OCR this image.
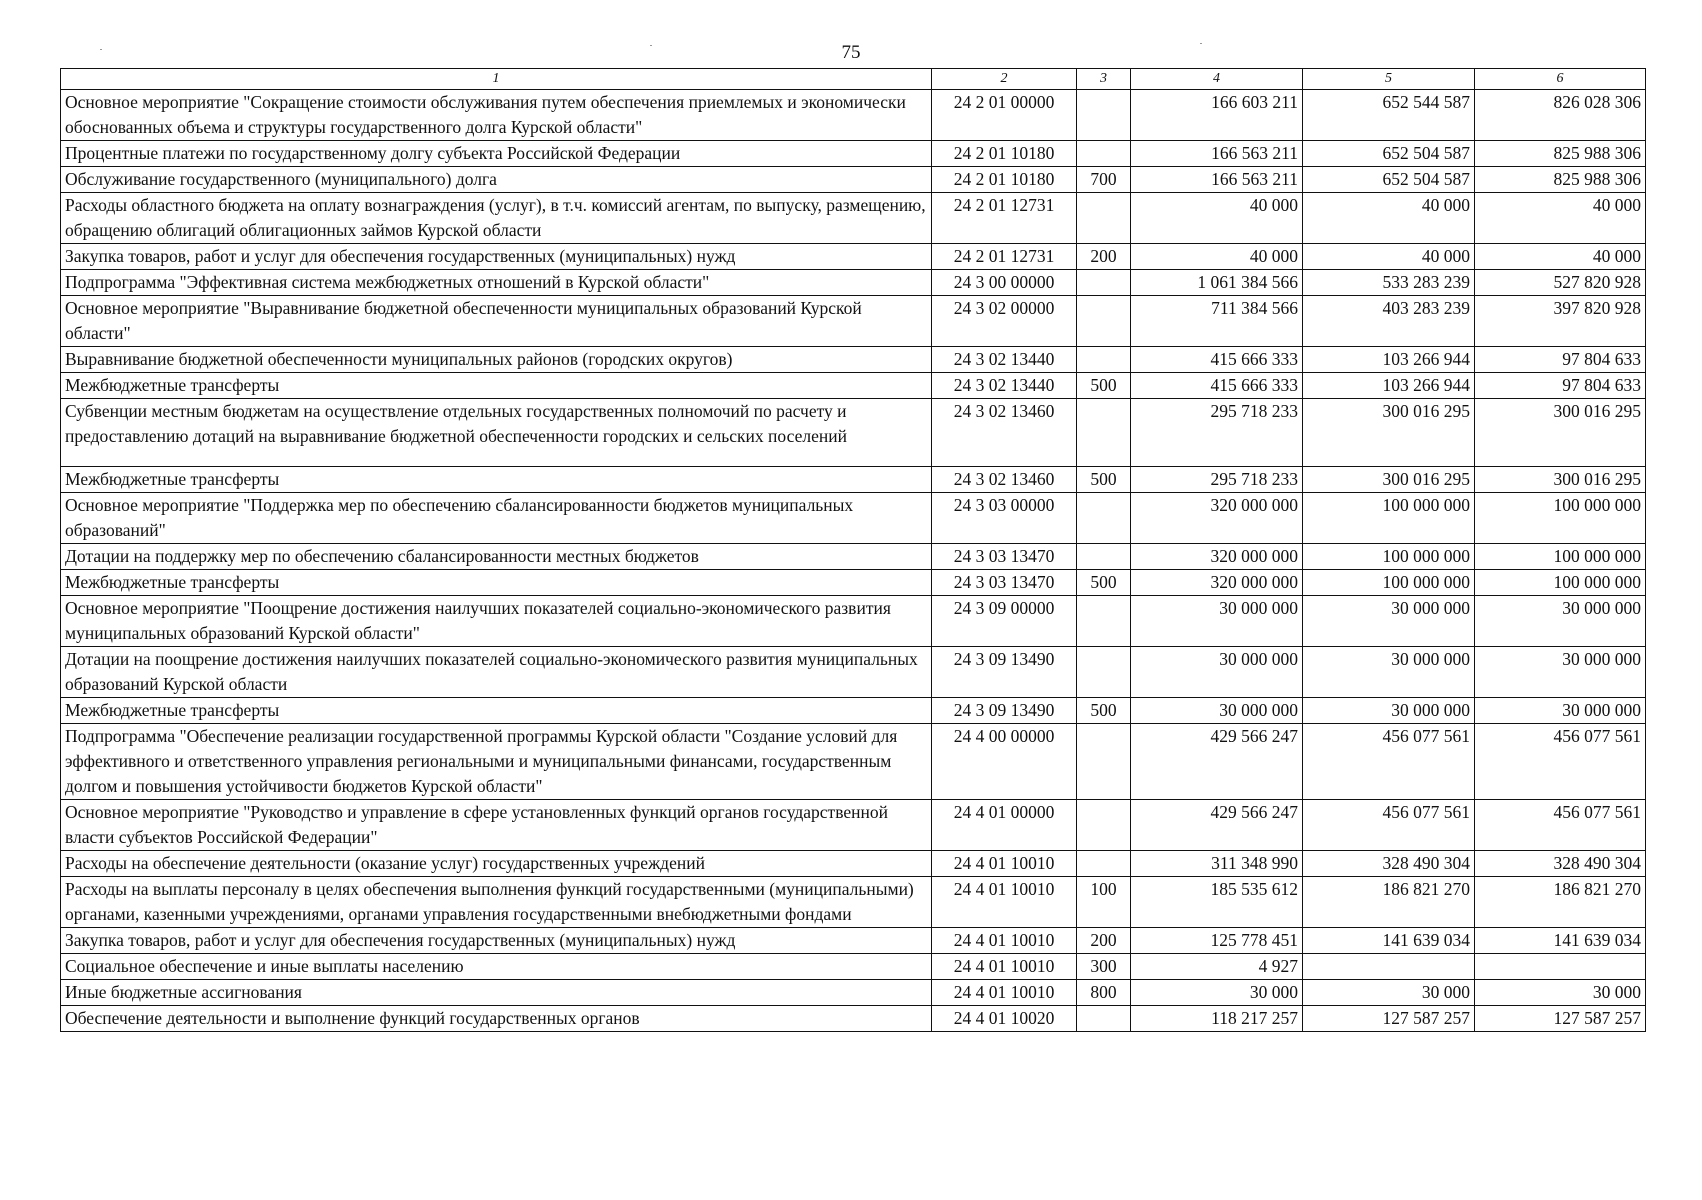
75
1	2	3	4	5	6
Основное мероприятие "Сокращение стоимости обслуживания путем обеспечения приемлемых и экономически обоснованных объема и структуры государственного долга Курской области"	24 2 01 00000		166 603 211	652 544 587	826 028 306
Процентные платежи по государственному долгу субъекта Российской Федерации	24 2 01 10180		166 563 211	652 504 587	825 988 306
Обслуживание государственного (муниципального) долга	24 2 01 10180	700	166 563 211	652 504 587	825 988 306
Расходы областного бюджета на оплату вознаграждения (услуг), в т.ч. комиссий агентам, по выпуску, размещению, обращению облигаций облигационных займов Курской области	24 2 01 12731		40 000	40 000	40 000
Закупка товаров, работ и услуг для обеспечения государственных (муниципальных) нужд	24 2 01 12731	200	40 000	40 000	40 000
Подпрограмма "Эффективная система межбюджетных отношений в Курской области"	24 3 00 00000		1 061 384 566	533 283 239	527 820 928
Основное мероприятие "Выравнивание бюджетной обеспеченности муниципальных образований Курской области"	24 3 02 00000		711 384 566	403 283 239	397 820 928
Выравнивание бюджетной обеспеченности муниципальных районов (городских округов)	24 3 02 13440		415 666 333	103 266 944	97 804 633
Межбюджетные трансферты	24 3 02 13440	500	415 666 333	103 266 944	97 804 633
Субвенции местным бюджетам на осуществление отдельных государственных полномочий по расчету и предоставлению дотаций на выравнивание бюджетной обеспеченности городских и сельских поселений	24 3 02 13460		295 718 233	300 016 295	300 016 295
Межбюджетные трансферты	24 3 02 13460	500	295 718 233	300 016 295	300 016 295
Основное мероприятие "Поддержка мер по обеспечению сбалансированности бюджетов муниципальных образований"	24 3 03 00000		320 000 000	100 000 000	100 000 000
Дотации на поддержку мер по обеспечению сбалансированности местных бюджетов	24 3 03 13470		320 000 000	100 000 000	100 000 000
Межбюджетные трансферты	24 3 03 13470	500	320 000 000	100 000 000	100 000 000
Основное мероприятие "Поощрение достижения наилучших показателей социально-экономического развития муниципальных образований Курской области"	24 3 09 00000		30 000 000	30 000 000	30 000 000
Дотации на поощрение достижения наилучших показателей социально-экономического развития муниципальных образований Курской области	24 3 09 13490		30 000 000	30 000 000	30 000 000
Межбюджетные трансферты	24 3 09 13490	500	30 000 000	30 000 000	30 000 000
Подпрограмма "Обеспечение реализации государственной программы Курской области "Создание условий для эффективного и ответственного управления региональными и муниципальными финансами, государственным долгом и повышения устойчивости бюджетов Курской области"	24 4 00 00000		429 566 247	456 077 561	456 077 561
Основное мероприятие "Руководство и управление в сфере установленных функций органов государственной власти субъектов Российской Федерации"	24 4 01 00000		429 566 247	456 077 561	456 077 561
Расходы на обеспечение деятельности (оказание услуг) государственных учреждений	24 4 01 10010		311 348 990	328 490 304	328 490 304
Расходы на выплаты персоналу в целях обеспечения выполнения функций государственными (муниципальными) органами, казенными учреждениями, органами управления государственными внебюджетными фондами	24 4 01 10010	100	185 535 612	186 821 270	186 821 270
Закупка товаров, работ и услуг для обеспечения государственных (муниципальных) нужд	24 4 01 10010	200	125 778 451	141 639 034	141 639 034
Социальное обеспечение и иные выплаты населению	24 4 01 10010	300	4 927		
Иные бюджетные ассигнования	24 4 01 10010	800	30 000	30 000	30 000
Обеспечение деятельности и выполнение функций государственных органов	24 4 01 10020		118 217 257	127 587 257	127 587 257
